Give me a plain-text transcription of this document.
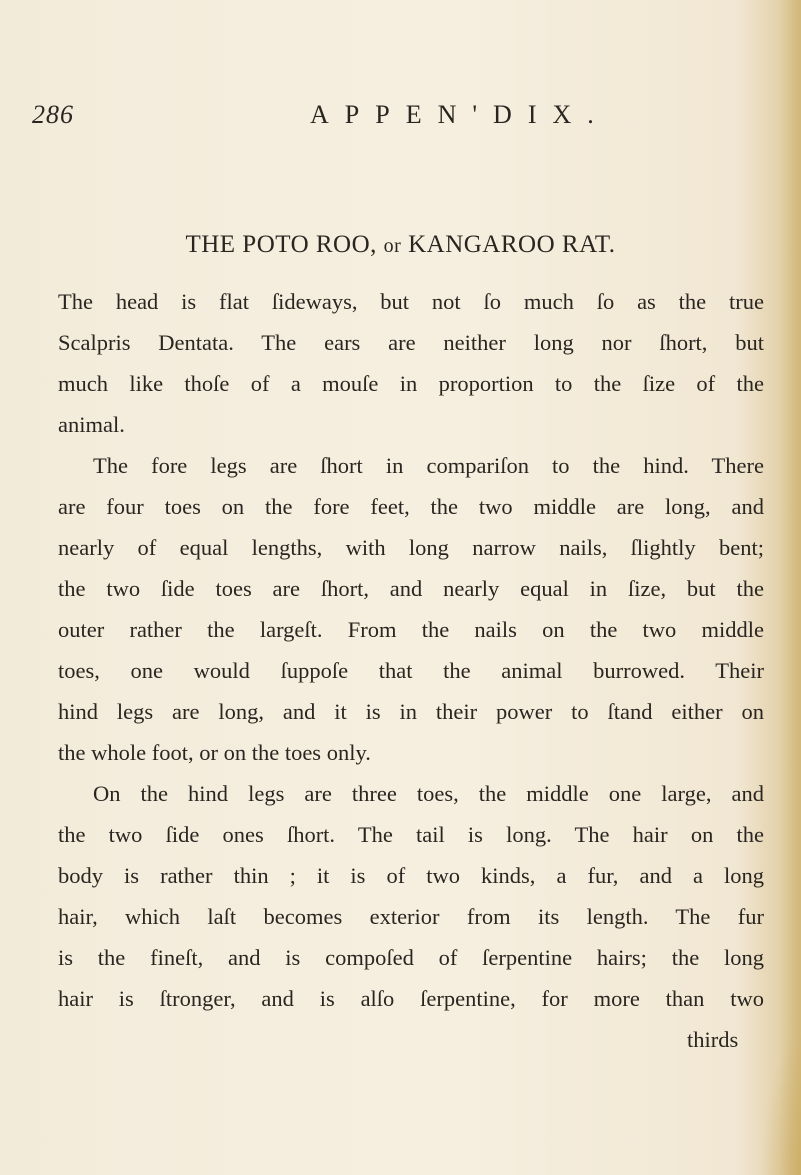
286	APPEN'DIX.
THE POTO ROO, or KANGAROO RAT.
The head is flat ſideways, but not ſo much ſo as the true
Scalpris Dentata. The ears are neither long nor ſhort, but
much like thoſe of a mouſe in proportion to the ſize of the
animal.
The fore legs are ſhort in compariſon to the hind. There
are four toes on the fore feet, the two middle are long, and
nearly of equal lengths, with long narrow nails, ſlightly bent;
the two ſide toes are ſhort, and nearly equal in ſize, but the
outer rather the largeſt. From the nails on the two middle
toes, one would ſuppoſe that the animal burrowed. Their
hind legs are long, and it is in their power to ſtand either on
the whole foot, or on the toes only.
On the hind legs are three toes, the middle one large, and
the two ſide ones ſhort. The tail is long. The hair on the
body is rather thin ; it is of two kinds, a fur, and a long
hair, which laſt becomes exterior from its length. The fur
is the fineſt, and is compoſed of ſerpentine hairs; the long
hair is ſtronger, and is alſo ſerpentine, for more than two
thirds
